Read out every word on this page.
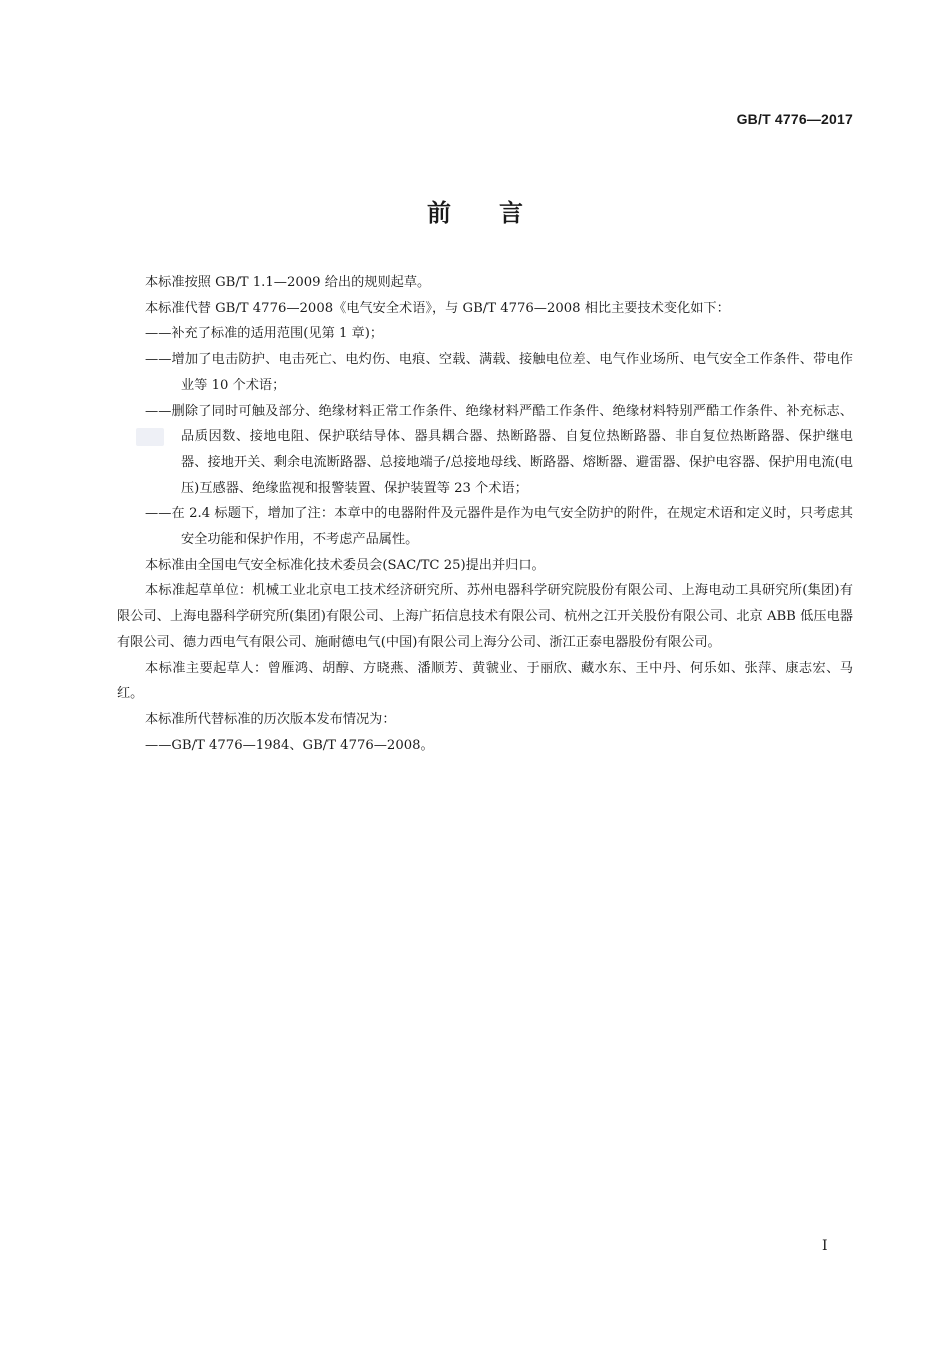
GB/T 4776—2017
前言

本标准按照 GB/T 1.1—2009 给出的规则起草。

本标准代替 GB/T 4776—2008《电气安全术语》，与 GB/T 4776—2008 相比主要技术变化如下：

——补充了标准的适用范围(见第 1 章)；

——增加了电击防护、电击死亡、电灼伤、电痕、空载、满载、接触电位差、电气作业场所、电气安全工作条件、带电作业等 10 个术语；

——删除了同时可触及部分、绝缘材料正常工作条件、绝缘材料严酷工作条件、绝缘材料特别严酷工作条件、补充标志、品质因数、接地电阻、保护联结导体、器具耦合器、热断路器、自复位热断路器、非自复位热断路器、保护继电器、接地开关、剩余电流断路器、总接地端子/总接地母线、断路器、熔断器、避雷器、保护电容器、保护用电流(电压)互感器、绝缘监视和报警装置、保护装置等 23 个术语；

——在 2.4 标题下，增加了注：本章中的电器附件及元器件是作为电气安全防护的附件，在规定术语和定义时，只考虑其安全功能和保护作用，不考虑产品属性。

本标准由全国电气安全标准化技术委员会(SAC/TC 25)提出并归口。

本标准起草单位：机械工业北京电工技术经济研究所、苏州电器科学研究院股份有限公司、上海电动工具研究所(集团)有限公司、上海电器科学研究所(集团)有限公司、上海广拓信息技术有限公司、杭州之江开关股份有限公司、北京 ABB 低压电器有限公司、德力西电气有限公司、施耐德电气(中国)有限公司上海分公司、浙江正泰电器股份有限公司。

本标准主要起草人：曾雁鸿、胡醇、方晓燕、潘顺芳、黄虢业、于丽欣、藏水东、王中丹、何乐如、张萍、康志宏、马红。

本标准所代替标准的历次版本发布情况为：

——GB/T 4776—1984、GB/T 4776—2008。

I
